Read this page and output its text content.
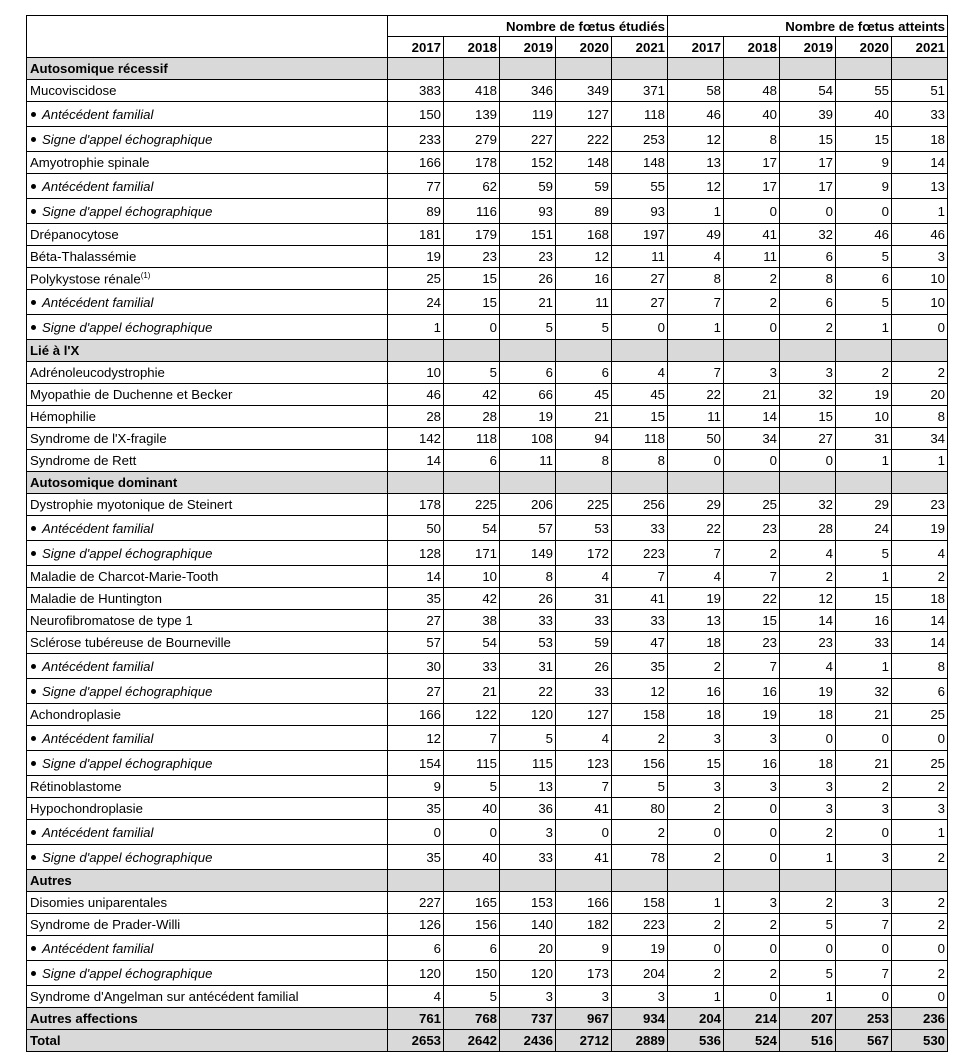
	Nombre de fœtus étudiés					Nombre de fœtus atteints				
	2017	2018	2019	2020	2021	2017	2018	2019	2020	2021
Autosomique récessif										
Mucoviscidose	383	418	346	349	371	58	48	54	55	51
Antécédent familial	150	139	119	127	118	46	40	39	40	33
Signe d'appel échographique	233	279	227	222	253	12	8	15	15	18
Amyotrophie spinale	166	178	152	148	148	13	17	17	9	14
Antécédent familial	77	62	59	59	55	12	17	17	9	13
Signe d'appel échographique	89	116	93	89	93	1	0	0	0	1
Drépanocytose	181	179	151	168	197	49	41	32	46	46
Béta-Thalassémie	19	23	23	12	11	4	11	6	5	3
Polykystose rénale$^{(1)}$	25	15	26	16	27	8	2	8	6	10
Antécédent familial	24	15	21	11	27	7	2	6	5	10
Signe d'appel échographique	1	0	5	5	0	1	0	2	1	0
Lié à l'X										
Adrénoleucodystrophie	10	5	6	6	4	7	3	3	2	2
Myopathie de Duchenne et Becker	46	42	66	45	45	22	21	32	19	20
Hémophilie	28	28	19	21	15	11	14	15	10	8
Syndrome de l'X-fragile	142	118	108	94	118	50	34	27	31	34
Syndrome de Rett	14	6	11	8	8	0	0	0	1	1
Autosomique dominant										
Dystrophie myotonique de Steinert	178	225	206	225	256	29	25	32	29	23
Antécédent familial	50	54	57	53	33	22	23	28	24	19
Signe d'appel échographique	128	171	149	172	223	7	2	4	5	4
Maladie de Charcot-Marie-Tooth	14	10	8	4	7	4	7	2	1	2
Maladie de Huntington	35	42	26	31	41	19	22	12	15	18
Neurofibromatose de type 1	27	38	33	33	33	13	15	14	16	14
Sclérose tubéreuse de Bourneville	57	54	53	59	47	18	23	23	33	14
Antécédent familial	30	33	31	26	35	2	7	4	1	8
Signe d'appel échographique	27	21	22	33	12	16	16	19	32	6
Achondroplasie	166	122	120	127	158	18	19	18	21	25
Antécédent familial	12	7	5	4	2	3	3	0	0	0
Signe d'appel échographique	154	115	115	123	156	15	16	18	21	25
Rétinoblastome	9	5	13	7	5	3	3	3	2	2
Hypochondroplasie	35	40	36	41	80	2	0	3	3	3
Antécédent familial	0	0	3	0	2	0	0	2	0	1
Signe d'appel échographique	35	40	33	41	78	2	0	1	3	2
Autres										
Disomies uniparentales	227	165	153	166	158	1	3	2	3	2
Syndrome de Prader-Willi	126	156	140	182	223	2	2	5	7	2
Antécédent familial	6	6	20	9	19	0	0	0	0	0
Signe d'appel échographique	120	150	120	173	204	2	2	5	7	2
Syndrome d'Angelman sur antécédent familial	4	5	3	3	3	1	0	1	0	0
Autres affections	761	768	737	967	934	204	214	207	253	236
Total	2653	2642	2436	2712	2889	536	524	516	567	530
